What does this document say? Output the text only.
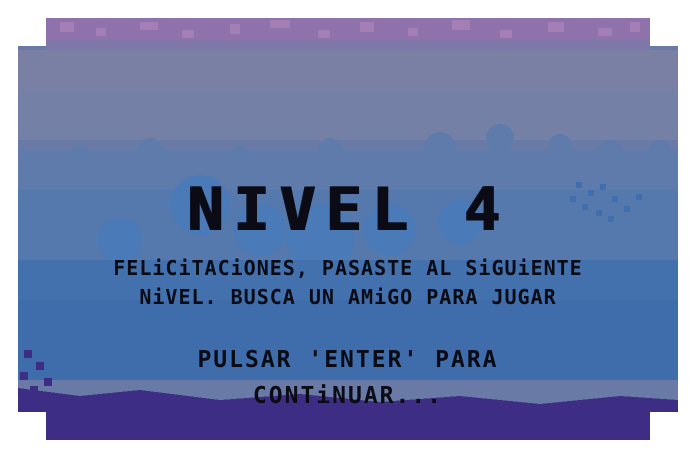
NIVEL 4
FELiCiTACiONES, PASASTE AL SiGUiENTE NiVEL. BUSCA UN AMiGO PARA JUGAR
PULSAR 'ENTER' PARA CONTiNUAR...
